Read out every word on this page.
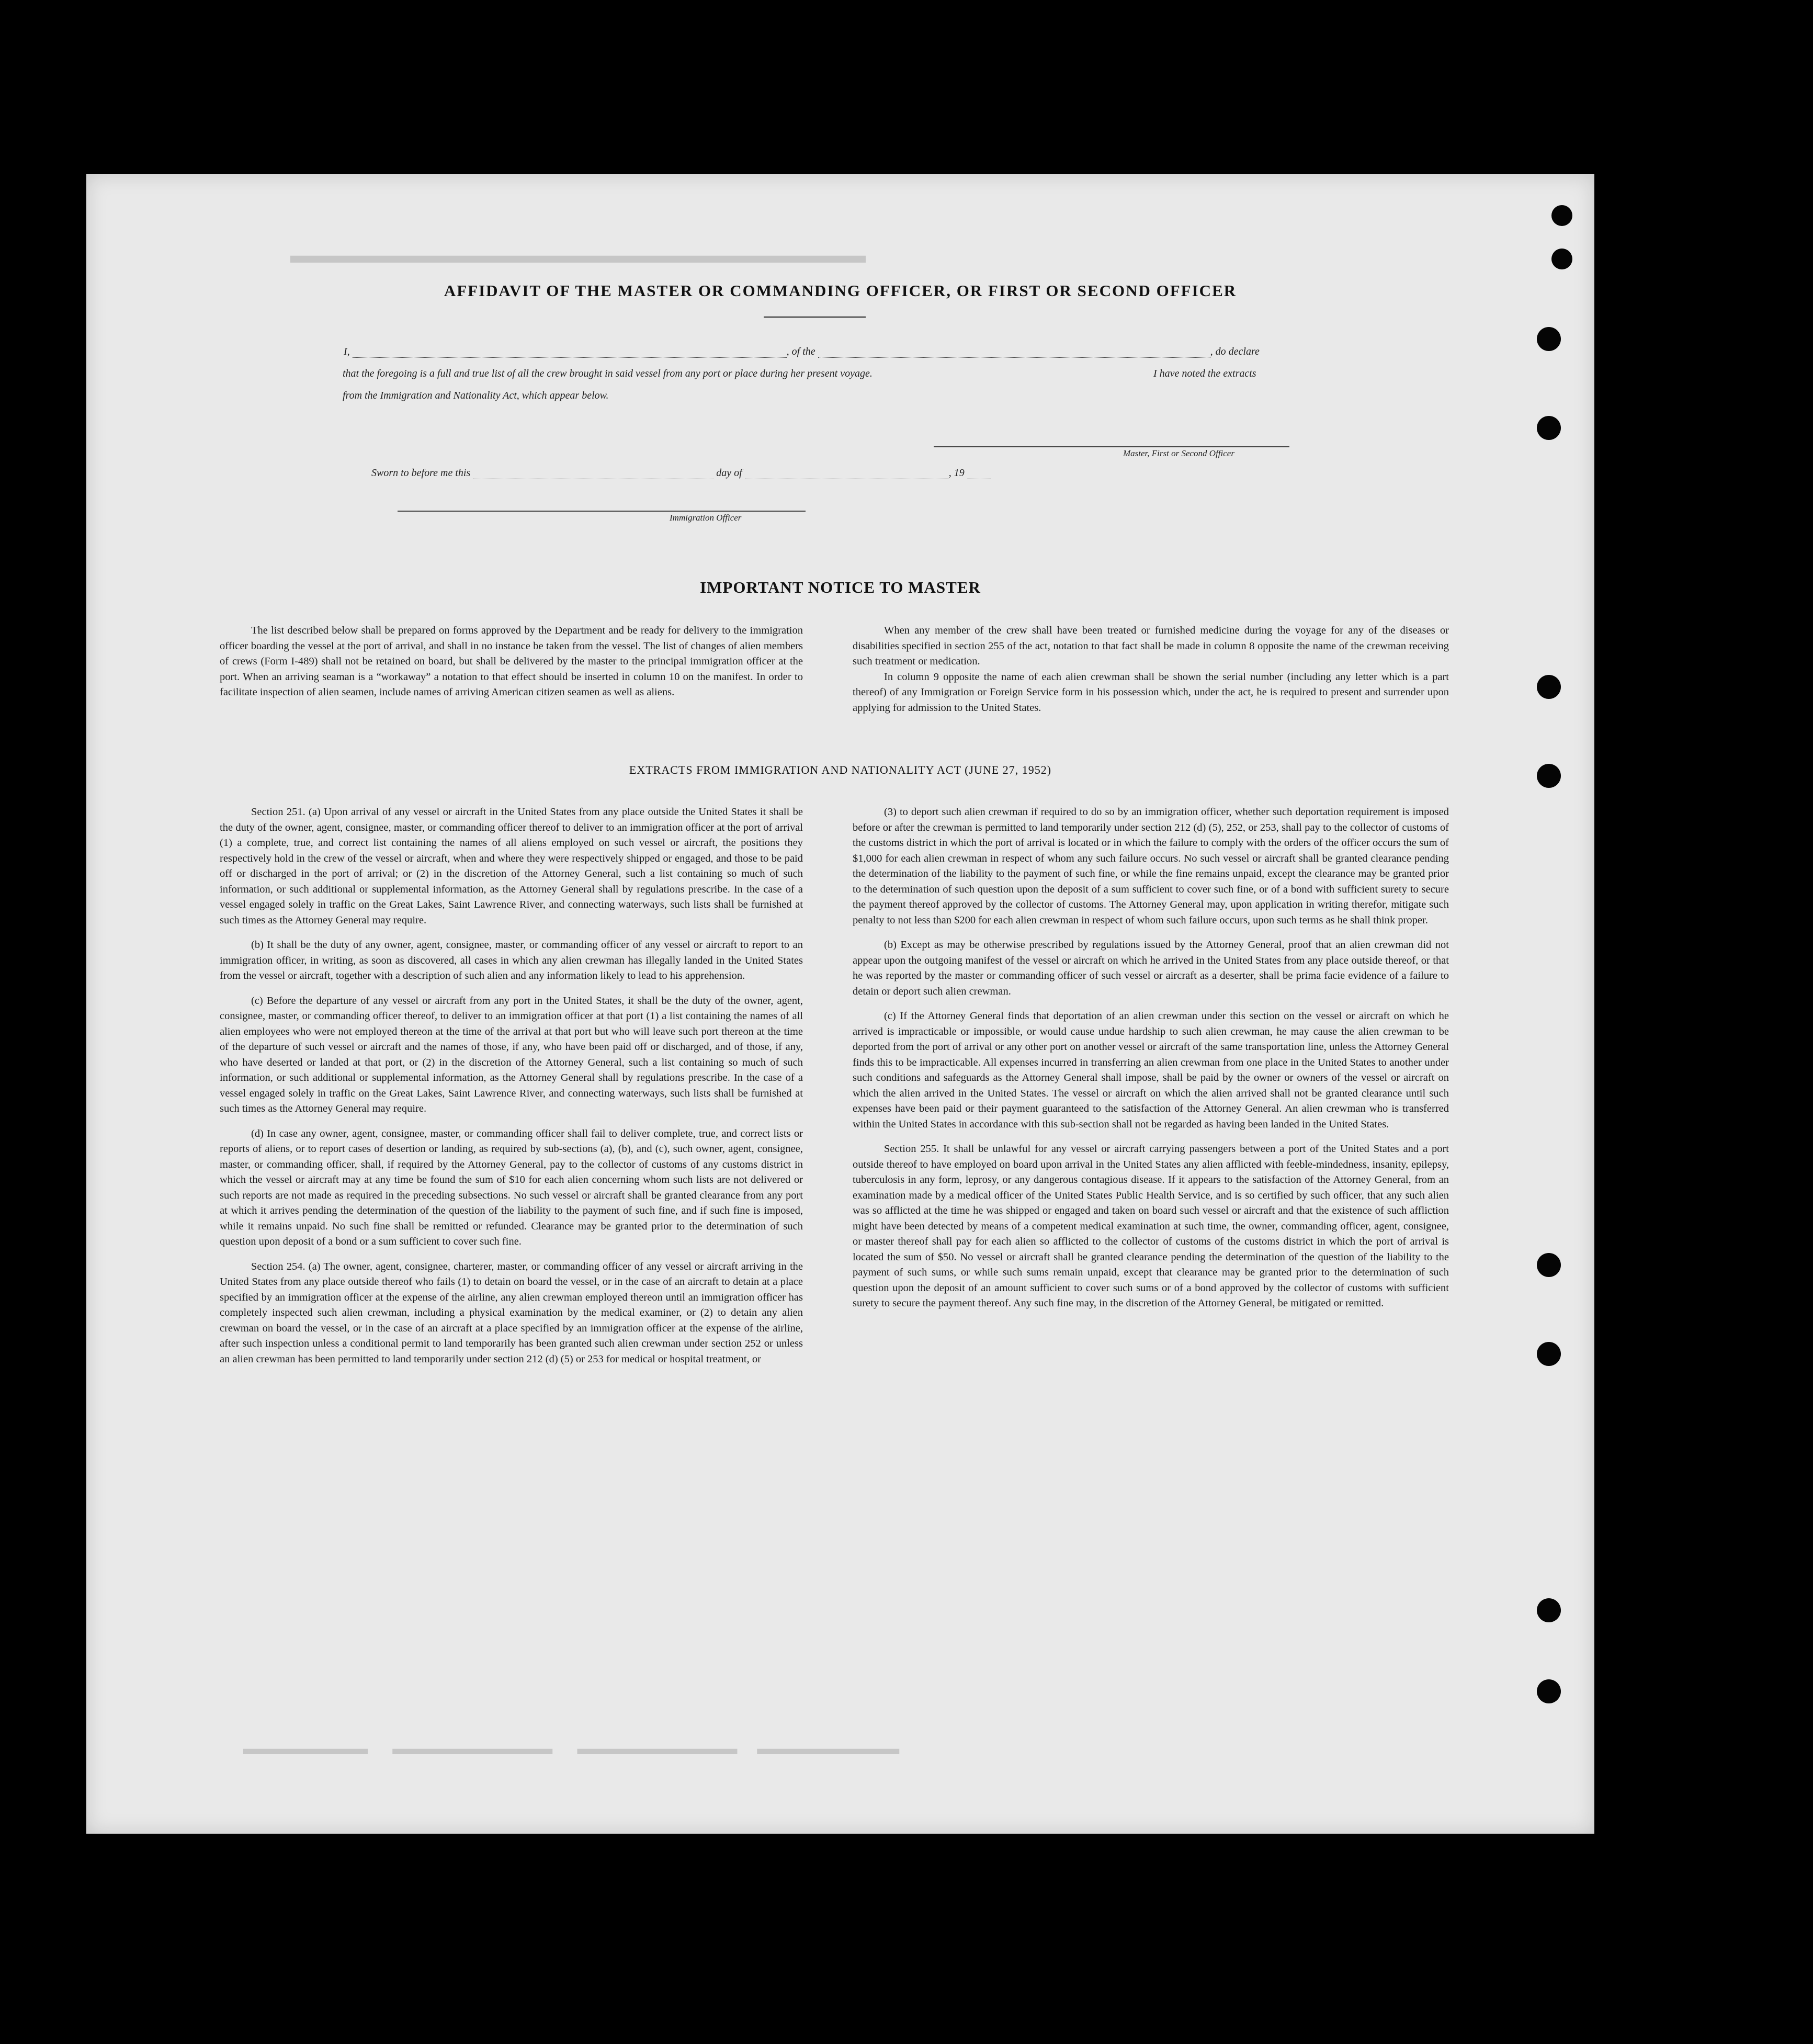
▬▬▬▬▬▬▬▬▬▬▬▬▬▬▬▬▬▬▬▬▬▬▬▬▬
▬▬▬▬▬▬▬     ▬▬▬▬▬▬▬▬▬     ▬▬▬▬▬▬▬▬▬    ▬▬▬▬▬▬▬▬
AFFIDAVIT OF THE MASTER OR COMMANDING OFFICER, OR FIRST OR SECOND OFFICER
I,	, of the	, do declare
that the foregoing is a full and true list of all the crew brought in said vessel from any port or place during her present voyage.	I have noted the extracts
from the Immigration and Nationality Act, which appear below.
Master, First or Second Officer
Sworn to before me this	day of	, 19
Immigration Officer
IMPORTANT NOTICE TO MASTER

The list described below shall be prepared on forms approved by the Department and be ready for delivery to the immigration officer boarding the vessel at the port of arrival, and shall in no instance be taken from the vessel. The list of changes of alien members of crews (Form I-489) shall not be retained on board, but shall be delivered by the master to the principal immigration officer at the port. When an arriving seaman is a “workaway” a notation to that effect should be inserted in column 10 on the manifest. In order to facilitate inspection of alien seamen, include names of arriving American citizen seamen as well as aliens.

When any member of the crew shall have been treated or furnished medicine during the voyage for any of the diseases or disabilities specified in section 255 of the act, notation to that fact shall be made in column 8 opposite the name of the crewman receiving such treatment or medication.

In column 9 opposite the name of each alien crewman shall be shown the serial number (including any letter which is a part thereof) of any Immigration or Foreign Service form in his possession which, under the act, he is required to present and surrender upon applying for admission to the United States.

EXTRACTS FROM IMMIGRATION AND NATIONALITY ACT (JUNE 27, 1952)

Section 251. (a) Upon arrival of any vessel or aircraft in the United States from any place outside the United States it shall be the duty of the owner, agent, consignee, master, or commanding officer thereof to deliver to an immigration officer at the port of arrival (1) a complete, true, and correct list containing the names of all aliens employed on such vessel or aircraft, the positions they respectively hold in the crew of the vessel or aircraft, when and where they were respectively shipped or engaged, and those to be paid off or discharged in the port of arrival; or (2) in the discretion of the Attorney General, such a list containing so much of such information, or such additional or supplemental information, as the Attorney General shall by regulations prescribe. In the case of a vessel engaged solely in traffic on the Great Lakes, Saint Lawrence River, and connecting waterways, such lists shall be furnished at such times as the Attorney General may require.

(b) It shall be the duty of any owner, agent, consignee, master, or commanding officer of any vessel or aircraft to report to an immigration officer, in writing, as soon as discovered, all cases in which any alien crewman has illegally landed in the United States from the vessel or aircraft, together with a description of such alien and any information likely to lead to his apprehension.

(c) Before the departure of any vessel or aircraft from any port in the United States, it shall be the duty of the owner, agent, consignee, master, or commanding officer thereof, to deliver to an immigration officer at that port (1) a list containing the names of all alien employees who were not employed thereon at the time of the arrival at that port but who will leave such port thereon at the time of the departure of such vessel or aircraft and the names of those, if any, who have been paid off or discharged, and of those, if any, who have deserted or landed at that port, or (2) in the discretion of the Attorney General, such a list containing so much of such information, or such additional or supplemental information, as the Attorney General shall by regulations prescribe. In the case of a vessel engaged solely in traffic on the Great Lakes, Saint Lawrence River, and connecting waterways, such lists shall be furnished at such times as the Attorney General may require.

(d) In case any owner, agent, consignee, master, or commanding officer shall fail to deliver complete, true, and correct lists or reports of aliens, or to report cases of desertion or landing, as required by sub-sections (a), (b), and (c), such owner, agent, consignee, master, or commanding officer, shall, if required by the Attorney General, pay to the collector of customs of any customs district in which the vessel or aircraft may at any time be found the sum of $10 for each alien concerning whom such lists are not delivered or such reports are not made as required in the preceding subsections. No such vessel or aircraft shall be granted clearance from any port at which it arrives pending the determination of the question of the liability to the payment of such fine, and if such fine is imposed, while it remains unpaid. No such fine shall be remitted or refunded. Clearance may be granted prior to the determination of such question upon deposit of a bond or a sum sufficient to cover such fine.

Section 254. (a) The owner, agent, consignee, charterer, master, or commanding officer of any vessel or aircraft arriving in the United States from any place outside thereof who fails (1) to detain on board the vessel, or in the case of an aircraft to detain at a place specified by an immigration officer at the expense of the airline, any alien crewman employed thereon until an immigration officer has completely inspected such alien crewman, including a physical examination by the medical examiner, or (2) to detain any alien crewman on board the vessel, or in the case of an aircraft at a place specified by an immigration officer at the expense of the airline, after such inspection unless a conditional permit to land temporarily has been granted such alien crewman under section 252 or unless an alien crewman has been permitted to land temporarily under section 212 (d) (5) or 253 for medical or hospital treatment, or

(3) to deport such alien crewman if required to do so by an immigration officer, whether such deportation requirement is imposed before or after the crewman is permitted to land temporarily under section 212 (d) (5), 252, or 253, shall pay to the collector of customs of the customs district in which the port of arrival is located or in which the failure to comply with the orders of the officer occurs the sum of $1,000 for each alien crewman in respect of whom any such failure occurs. No such vessel or aircraft shall be granted clearance pending the determination of the liability to the payment of such fine, or while the fine remains unpaid, except the clearance may be granted prior to the determination of such question upon the deposit of a sum sufficient to cover such fine, or of a bond with sufficient surety to secure the payment thereof approved by the collector of customs. The Attorney General may, upon application in writing therefor, mitigate such penalty to not less than $200 for each alien crewman in respect of whom such failure occurs, upon such terms as he shall think proper.

(b) Except as may be otherwise prescribed by regulations issued by the Attorney General, proof that an alien crewman did not appear upon the outgoing manifest of the vessel or aircraft on which he arrived in the United States from any place outside thereof, or that he was reported by the master or commanding officer of such vessel or aircraft as a deserter, shall be prima facie evidence of a failure to detain or deport such alien crewman.

(c) If the Attorney General finds that deportation of an alien crewman under this section on the vessel or aircraft on which he arrived is impracticable or impossible, or would cause undue hardship to such alien crewman, he may cause the alien crewman to be deported from the port of arrival or any other port on another vessel or aircraft of the same transportation line, unless the Attorney General finds this to be impracticable. All expenses incurred in transferring an alien crewman from one place in the United States to another under such conditions and safeguards as the Attorney General shall impose, shall be paid by the owner or owners of the vessel or aircraft on which the alien arrived in the United States. The vessel or aircraft on which the alien arrived shall not be granted clearance until such expenses have been paid or their payment guaranteed to the satisfaction of the Attorney General. An alien crewman who is transferred within the United States in accordance with this sub-section shall not be regarded as having been landed in the United States.

Section 255. It shall be unlawful for any vessel or aircraft carrying passengers between a port of the United States and a port outside thereof to have employed on board upon arrival in the United States any alien afflicted with feeble-mindedness, insanity, epilepsy, tuberculosis in any form, leprosy, or any dangerous contagious disease. If it appears to the satisfaction of the Attorney General, from an examination made by a medical officer of the United States Public Health Service, and is so certified by such officer, that any such alien was so afflicted at the time he was shipped or engaged and taken on board such vessel or aircraft and that the existence of such affliction might have been detected by means of a competent medical examination at such time, the owner, commanding officer, agent, consignee, or master thereof shall pay for each alien so afflicted to the collector of customs of the customs district in which the port of arrival is located the sum of $50. No vessel or aircraft shall be granted clearance pending the determination of the question of the liability to the payment of such sums, or while such sums remain unpaid, except that clearance may be granted prior to the determination of such question upon the deposit of an amount sufficient to cover such sums or of a bond approved by the collector of customs with sufficient surety to secure the payment thereof. Any such fine may, in the discretion of the Attorney General, be mitigated or remitted.
